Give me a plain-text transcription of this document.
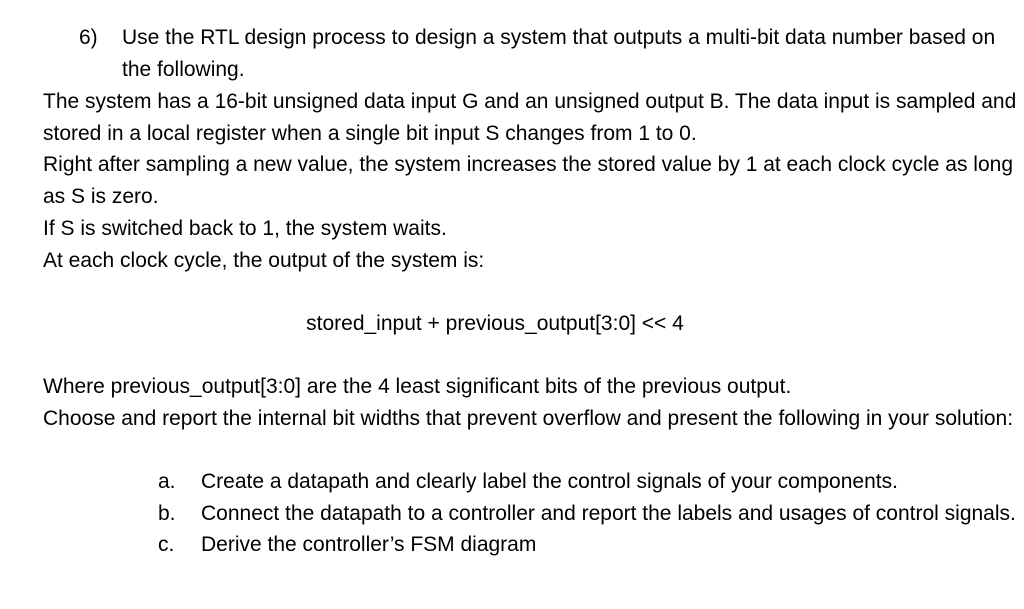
6) Use the RTL design process to design a system that outputs a multi-bit data number based on the following.

The system has a 16-bit unsigned data input G and an unsigned output B. The data input is sampled and stored in a local register when a single bit input S changes from 1 to 0.

Right after sampling a new value, the system increases the stored value by 1 at each clock cycle as long as S is zero.

If S is switched back to 1, the system waits.

At each clock cycle, the output of the system is:

stored_input + previous_output[3:0] << 4

Where previous_output[3:0] are the 4 least significant bits of the previous output.

Choose and report the internal bit widths that prevent overflow and present the following in your solution:

a. Create a datapath and clearly label the control signals of your components.
b. Connect the datapath to a controller and report the labels and usages of control signals.
c. Derive the controller’s FSM diagram
